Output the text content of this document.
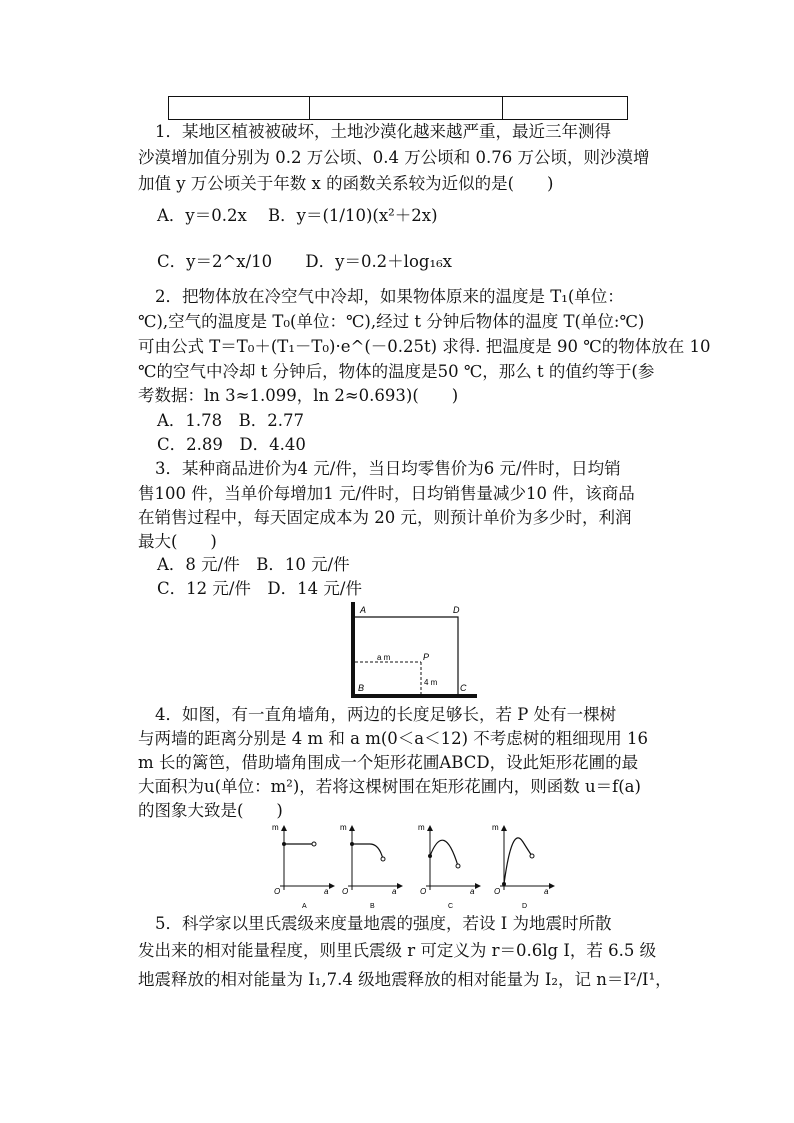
1．某地区植被被破坏，土地沙漠化越来越严重，最近三年测得
沙漠增加值分别为 0.2 万公顷、0.4 万公顷和 0.76 万公顷，则沙漠增
加值 y 万公顷关于年数 x 的函数关系较为近似的是(　　)
A．y＝0.2x B．y＝(1/10)(x²＋2x)
C．y＝2^x/10 D．y＝0.2＋log₁₆x
2．把物体放在冷空气中冷却，如果物体原来的温度是 T₁(单位：
℃),空气的温度是 T₀(单位：℃),经过 t 分钟后物体的温度 T(单位:℃)
可由公式 T＝T₀＋(T₁－T₀)·e^(－0.25t) 求得. 把温度是 90 ℃的物体放在 10
℃的空气中冷却 t 分钟后，物体的温度是50 ℃，那么 t 的值约等于(参
考数据：ln 3≈1.099，ln 2≈0.693)(　　)
A．1.78　B．2.77
C．2.89　D．4.40
3．某种商品进价为4 元/件，当日均零售价为6 元/件时，日均销
售100 件，当单价每增加1 元/件时，日均销售量减少10 件，该商品
在销售过程中，每天固定成本为 20 元，则预计单价为多少时，利润
最大(　　)
A．8 元/件　B．10 元/件
C．12 元/件　D．14 元/件
A	D
P
a m
4 m
B	C
4．如图，有一直角墙角，两边的长度足够长，若 P 处有一棵树
与两墙的距离分别是 4 m 和 a m(0＜a＜12) 不考虑树的粗细现用 16
m 长的篱笆，借助墙角围成一个矩形花圃ABCD，设此矩形花圃的最
大面积为u(单位：m²)，若将这棵树围在矩形花圃内，则函数 u＝f(a)
的图象大致是(　　)
m
O	a
A
m
O	a
B
m
O	a
C
m
O	a
D
5．科学家以里氏震级来度量地震的强度，若设 I 为地震时所散
发出来的相对能量程度，则里氏震级 r 可定义为 r＝0.6lg I，若 6.5 级
地震释放的相对能量为 I₁,7.4 级地震释放的相对能量为 I₂，记 n＝I²/I¹，
